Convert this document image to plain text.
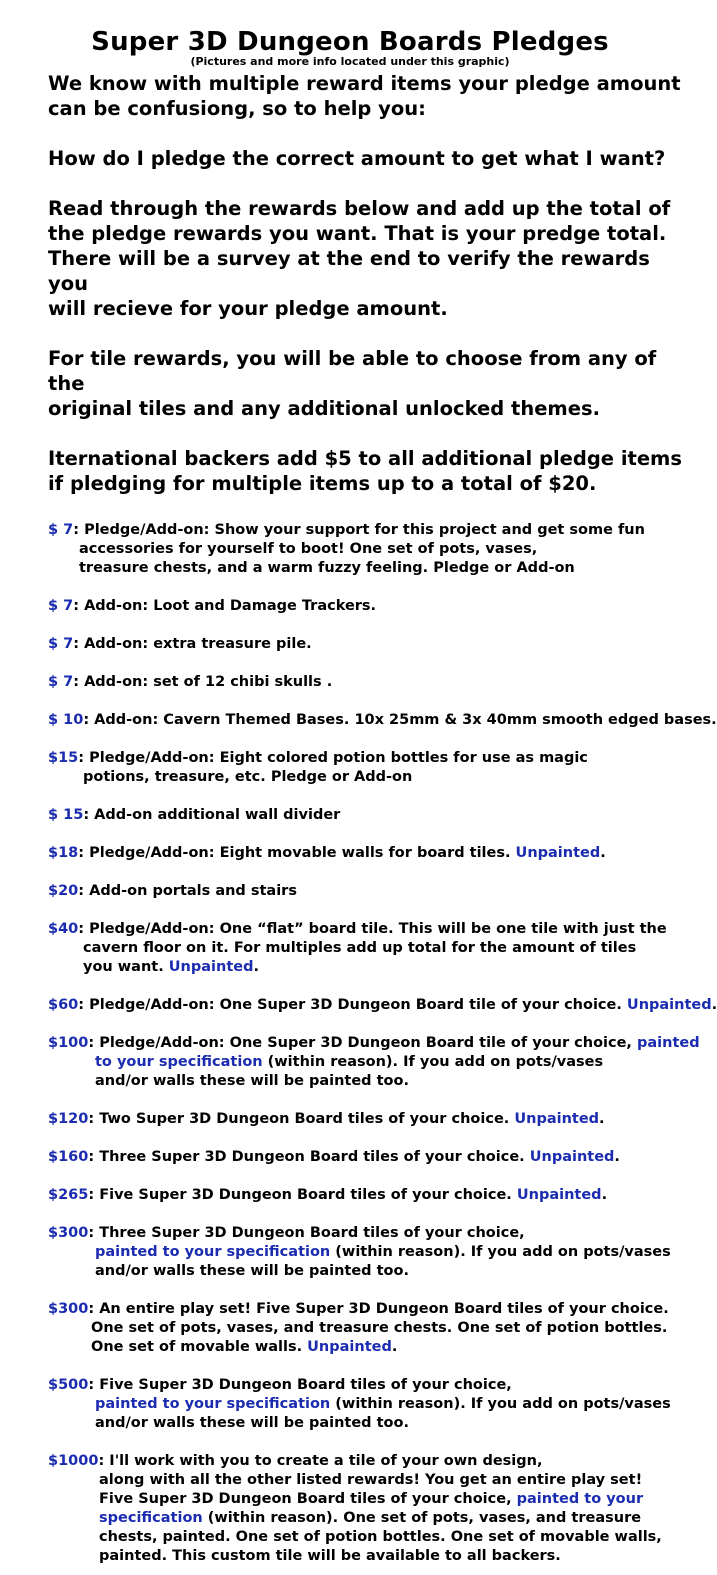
Super 3D Dungeon Boards Pledges
(Pictures and more info located under this graphic)

We know with multiple reward items your pledge amount
can be confusiong, so to help you:

How do I pledge the correct amount to get what I want?

Read through the rewards below and add up the total of
the pledge rewards you want. That is your predge total.
There will be a survey at the end to verify the rewards you
will recieve for your pledge amount.

For tile rewards, you will be able to choose from any of the
original tiles and any additional unlocked themes.

Iternational backers add $5 to all additional pledge items
if pledging for multiple items up to a total of $20.

$ 7: Pledge/Add-on: Show your support for this project and get some fun
accessories for yourself to boot! One set of pots, vases,
treasure chests, and a warm fuzzy feeling. Pledge or Add-on
$ 7: Add-on: Loot and Damage Trackers.
$ 7: Add-on: extra treasure pile.
$ 7: Add-on: set of 12 chibi skulls .
$ 10: Add-on: Cavern Themed Bases. 10x 25mm & 3x 40mm smooth edged bases.
$15: Pledge/Add-on: Eight colored potion bottles for use as magic
potions, treasure, etc. Pledge or Add-on
$ 15: Add-on additional wall divider
$18: Pledge/Add-on: Eight movable walls for board tiles. Unpainted.
$20: Add-on portals and stairs
$40: Pledge/Add-on: One “flat” board tile. This will be one tile with just the
cavern floor on it. For multiples add up total for the amount of tiles
you want. Unpainted.
$60: Pledge/Add-on: One Super 3D Dungeon Board tile of your choice. Unpainted.
$100: Pledge/Add-on: One Super 3D Dungeon Board tile of your choice, painted
to your specification (within reason). If you add on pots/vases
and/or walls these will be painted too.
$120: Two Super 3D Dungeon Board tiles of your choice. Unpainted.
$160: Three Super 3D Dungeon Board tiles of your choice. Unpainted.
$265: Five Super 3D Dungeon Board tiles of your choice. Unpainted.
$300: Three Super 3D Dungeon Board tiles of your choice,
painted to your specification (within reason). If you add on pots/vases
and/or walls these will be painted too.
$300: An entire play set! Five Super 3D Dungeon Board tiles of your choice.
One set of pots, vases, and treasure chests. One set of potion bottles.
One set of movable walls. Unpainted.
$500: Five Super 3D Dungeon Board tiles of your choice,
painted to your specification (within reason). If you add on pots/vases
and/or walls these will be painted too.
$1000: I'll work with you to create a tile of your own design,
along with all the other listed rewards! You get an entire play set!
Five Super 3D Dungeon Board tiles of your choice, painted to your
specification (within reason). One set of pots, vases, and treasure
chests, painted. One set of potion bottles. One set of movable walls,
painted. This custom tile will be available to all backers.
